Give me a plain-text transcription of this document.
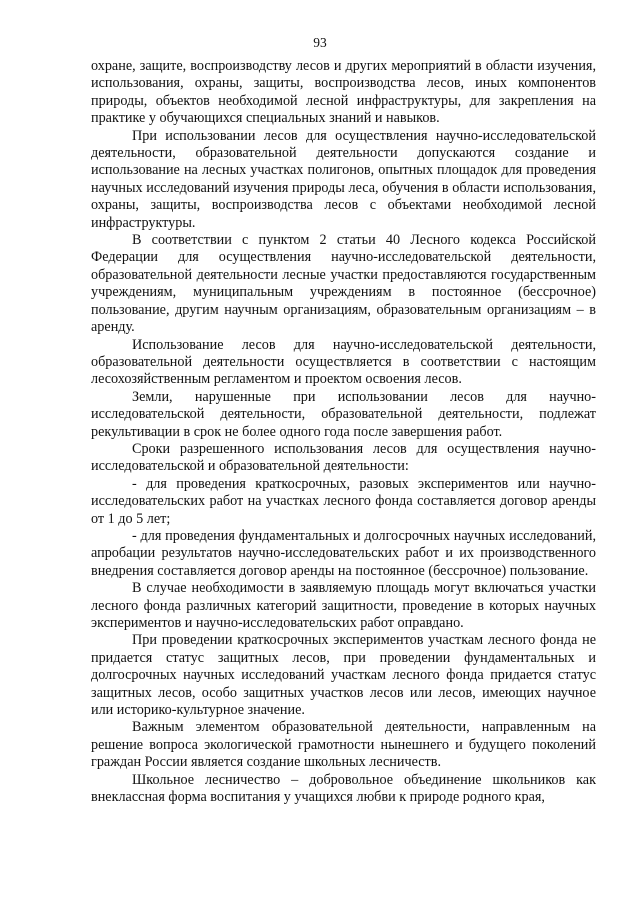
93

охране, защите, воспроизводству лесов и других мероприятий в области изучения, использования, охраны, защиты, воспроизводства лесов, иных компонентов природы, объектов необходимой лесной инфраструктуры, для закрепления на практике у обучающихся специальных знаний и навыков.

При использовании лесов для осуществления научно-исследовательской деятельности, образовательной деятельности допускаются создание и использование на лесных участках полигонов, опытных площадок для проведения научных исследований изучения природы леса, обучения в области использования, охраны, защиты, воспроизводства лесов с объектами необходимой лесной инфраструктуры.

В соответствии с пунктом 2 статьи 40 Лесного кодекса Российской Федерации для осуществления научно-исследовательской деятельности, образовательной деятельности лесные участки предоставляются государственным учреждениям, муниципальным учреждениям в постоянное (бессрочное) пользование, другим научным организациям, образовательным организациям – в аренду.

Использование лесов для научно-исследовательской деятельности, образовательной деятельности осуществляется в соответствии с настоящим лесохозяйственным регламентом и проектом освоения лесов.

Земли, нарушенные при использовании лесов для научно-исследовательской деятельности, образовательной деятельности, подлежат рекультивации в срок не более одного года после завершения работ.

Сроки разрешенного использования лесов для осуществления научно-исследовательской и образовательной деятельности:

- для проведения краткосрочных, разовых экспериментов или научно-исследовательских работ на участках лесного фонда составляется договор аренды от 1 до 5 лет;

- для проведения фундаментальных и долгосрочных научных исследований, апробации результатов научно-исследовательских работ и их производственного внедрения составляется договор аренды на постоянное (бессрочное) пользование.

В случае необходимости в заявляемую площадь могут включаться участки лесного фонда различных категорий защитности, проведение в которых научных экспериментов и научно-исследовательских работ оправдано.

При проведении краткосрочных экспериментов участкам лесного фонда не придается статус защитных лесов, при проведении фундаментальных и долгосрочных научных исследований участкам лесного фонда придается статус защитных лесов, особо защитных участков лесов или лесов, имеющих научное или историко-культурное значение.

Важным элементом образовательной деятельности, направленным на решение вопроса экологической грамотности нынешнего и будущего поколений граждан России является создание школьных лесничеств.

Школьное лесничество – добровольное объединение школьников как внеклассная форма воспитания у учащихся любви к природе родного края,
